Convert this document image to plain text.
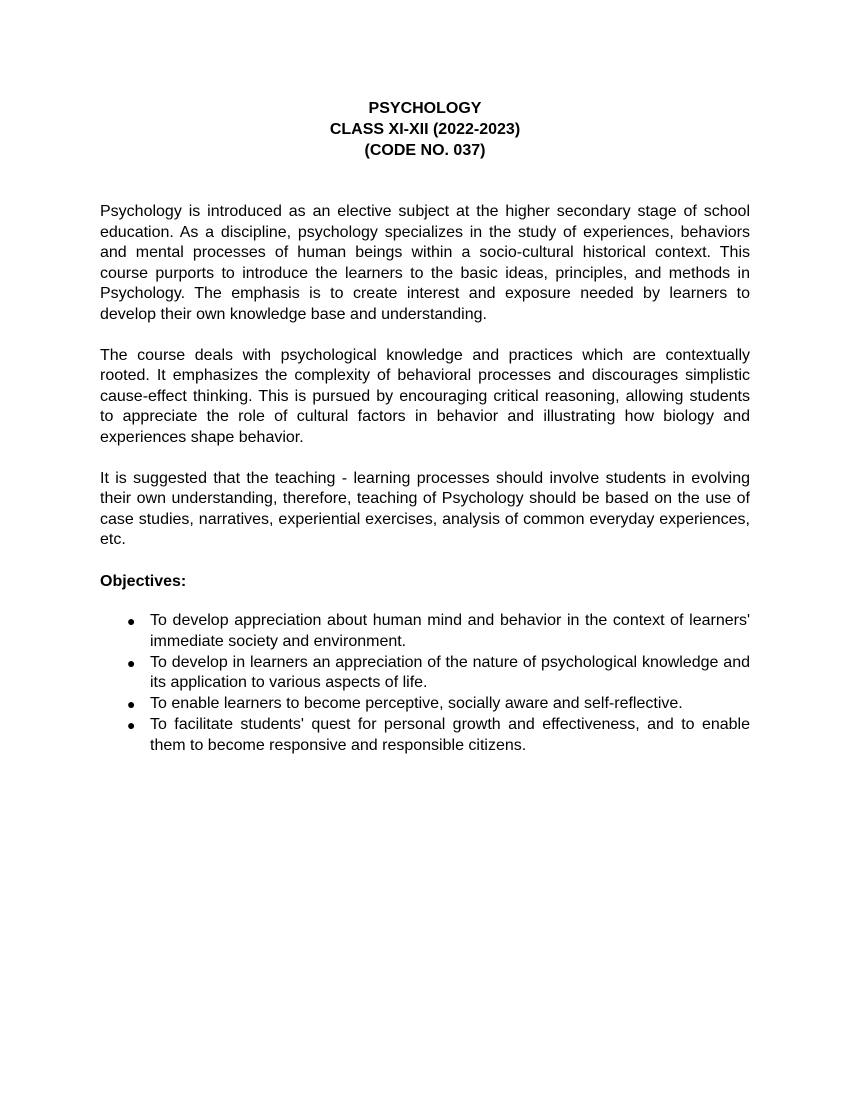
PSYCHOLOGY
CLASS XI-XII (2022-2023)
(CODE NO. 037)

Psychology is introduced as an elective subject at the higher secondary stage of school education. As a discipline, psychology specializes in the study of experiences, behaviors and mental processes of human beings within a socio-cultural historical context. This course purports to introduce the learners to the basic ideas, principles, and methods in Psychology. The emphasis is to create interest and exposure needed by learners to develop their own knowledge base and understanding.

The course deals with psychological knowledge and practices which are contextually rooted. It emphasizes the complexity of behavioral processes and discourages simplistic cause-effect thinking. This is pursued by encouraging critical reasoning, allowing students to appreciate the role of cultural factors in behavior and illustrating how biology and experiences shape behavior.

It is suggested that the teaching - learning processes should involve students in evolving their own understanding, therefore, teaching of Psychology should be based on the use of case studies, narratives, experiential exercises, analysis of common everyday experiences, etc.

Objectives:
● To develop appreciation about human mind and behavior in the context of learners' immediate society and environment.
● To develop in learners an appreciation of the nature of psychological knowledge and its application to various aspects of life.
● To enable learners to become perceptive, socially aware and self-reflective.
● To facilitate students' quest for personal growth and effectiveness, and to enable them to become responsive and responsible citizens.
